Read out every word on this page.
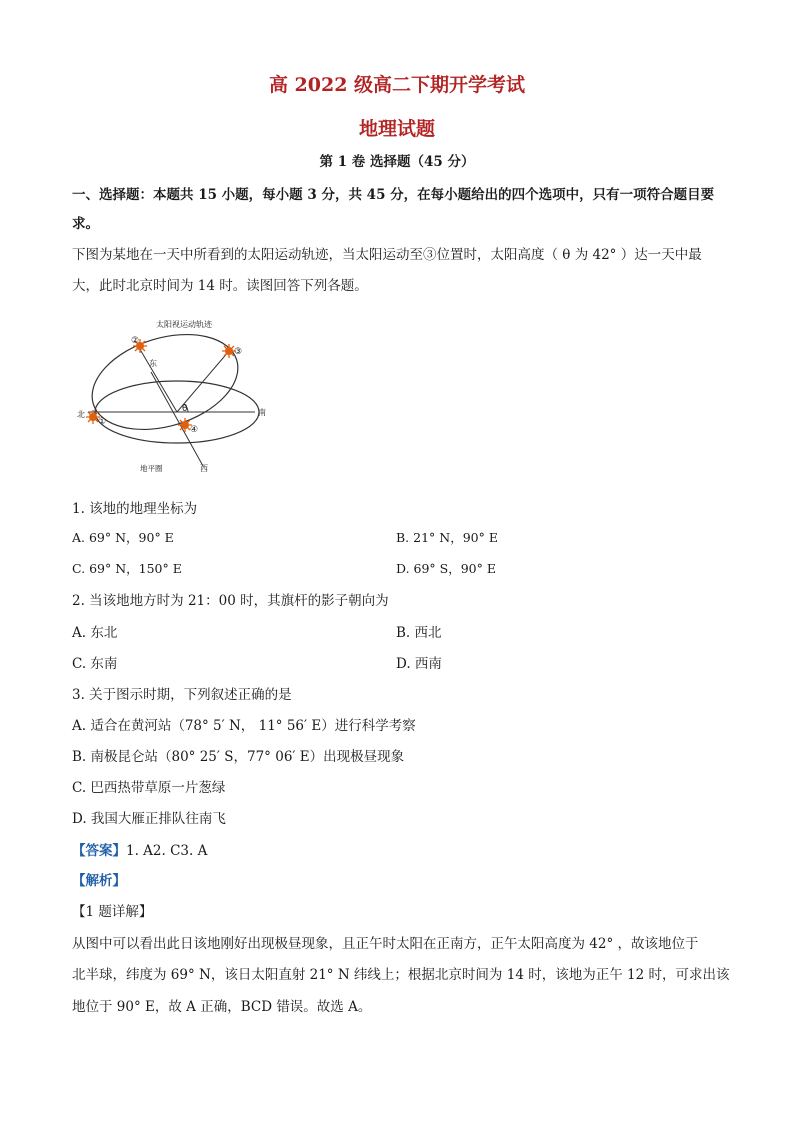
高 2022 级高二下期开学考试
地理试题
第 1 卷 选择题（45 分）
一、选择题：本题共 15 小题，每小题 3 分，共 45 分，在每小题给出的四个选项中，只有一项符合题目要
求。
下图为某地在一天中所看到的太阳运动轨迹，当太阳运动至③位置时，太阳高度（ θ 为 42° ）达一天中最
大，此时北京时间为 14 时。读图回答下列各题。
太阳视运动轨迹
东
北	南
θ
地平圈	西
①
②
③
④
1. 该地的地理坐标为
A. 69° N，90° E	B. 21° N，90° E
C. 69° N，150° E	D. 69° S，90° E
2. 当该地地方时为 21：00 时，其旗杆的影子朝向为
A. 东北	B. 西北
C. 东南	D. 西南
3. 关于图示时期，下列叙述正确的是
A. 适合在黄河站（78° 5′ N， 11° 56′ E）进行科学考察
B. 南极昆仑站（80° 25′ S，77° 06′ E）出现极昼现象
C. 巴西热带草原一片葱绿
D. 我国大雁正排队往南飞
【答案】1. A2. C3. A
【解析】
【1 题详解】
从图中可以看出此日该地刚好出现极昼现象，且正午时太阳在正南方，正午太阳高度为 42° ，故该地位于
北半球，纬度为 69° N，该日太阳直射 21° N 纬线上；根据北京时间为 14 时，该地为正午 12 时，可求出该
地位于 90° E，故 A 正确，BCD 错误。故选 A。
